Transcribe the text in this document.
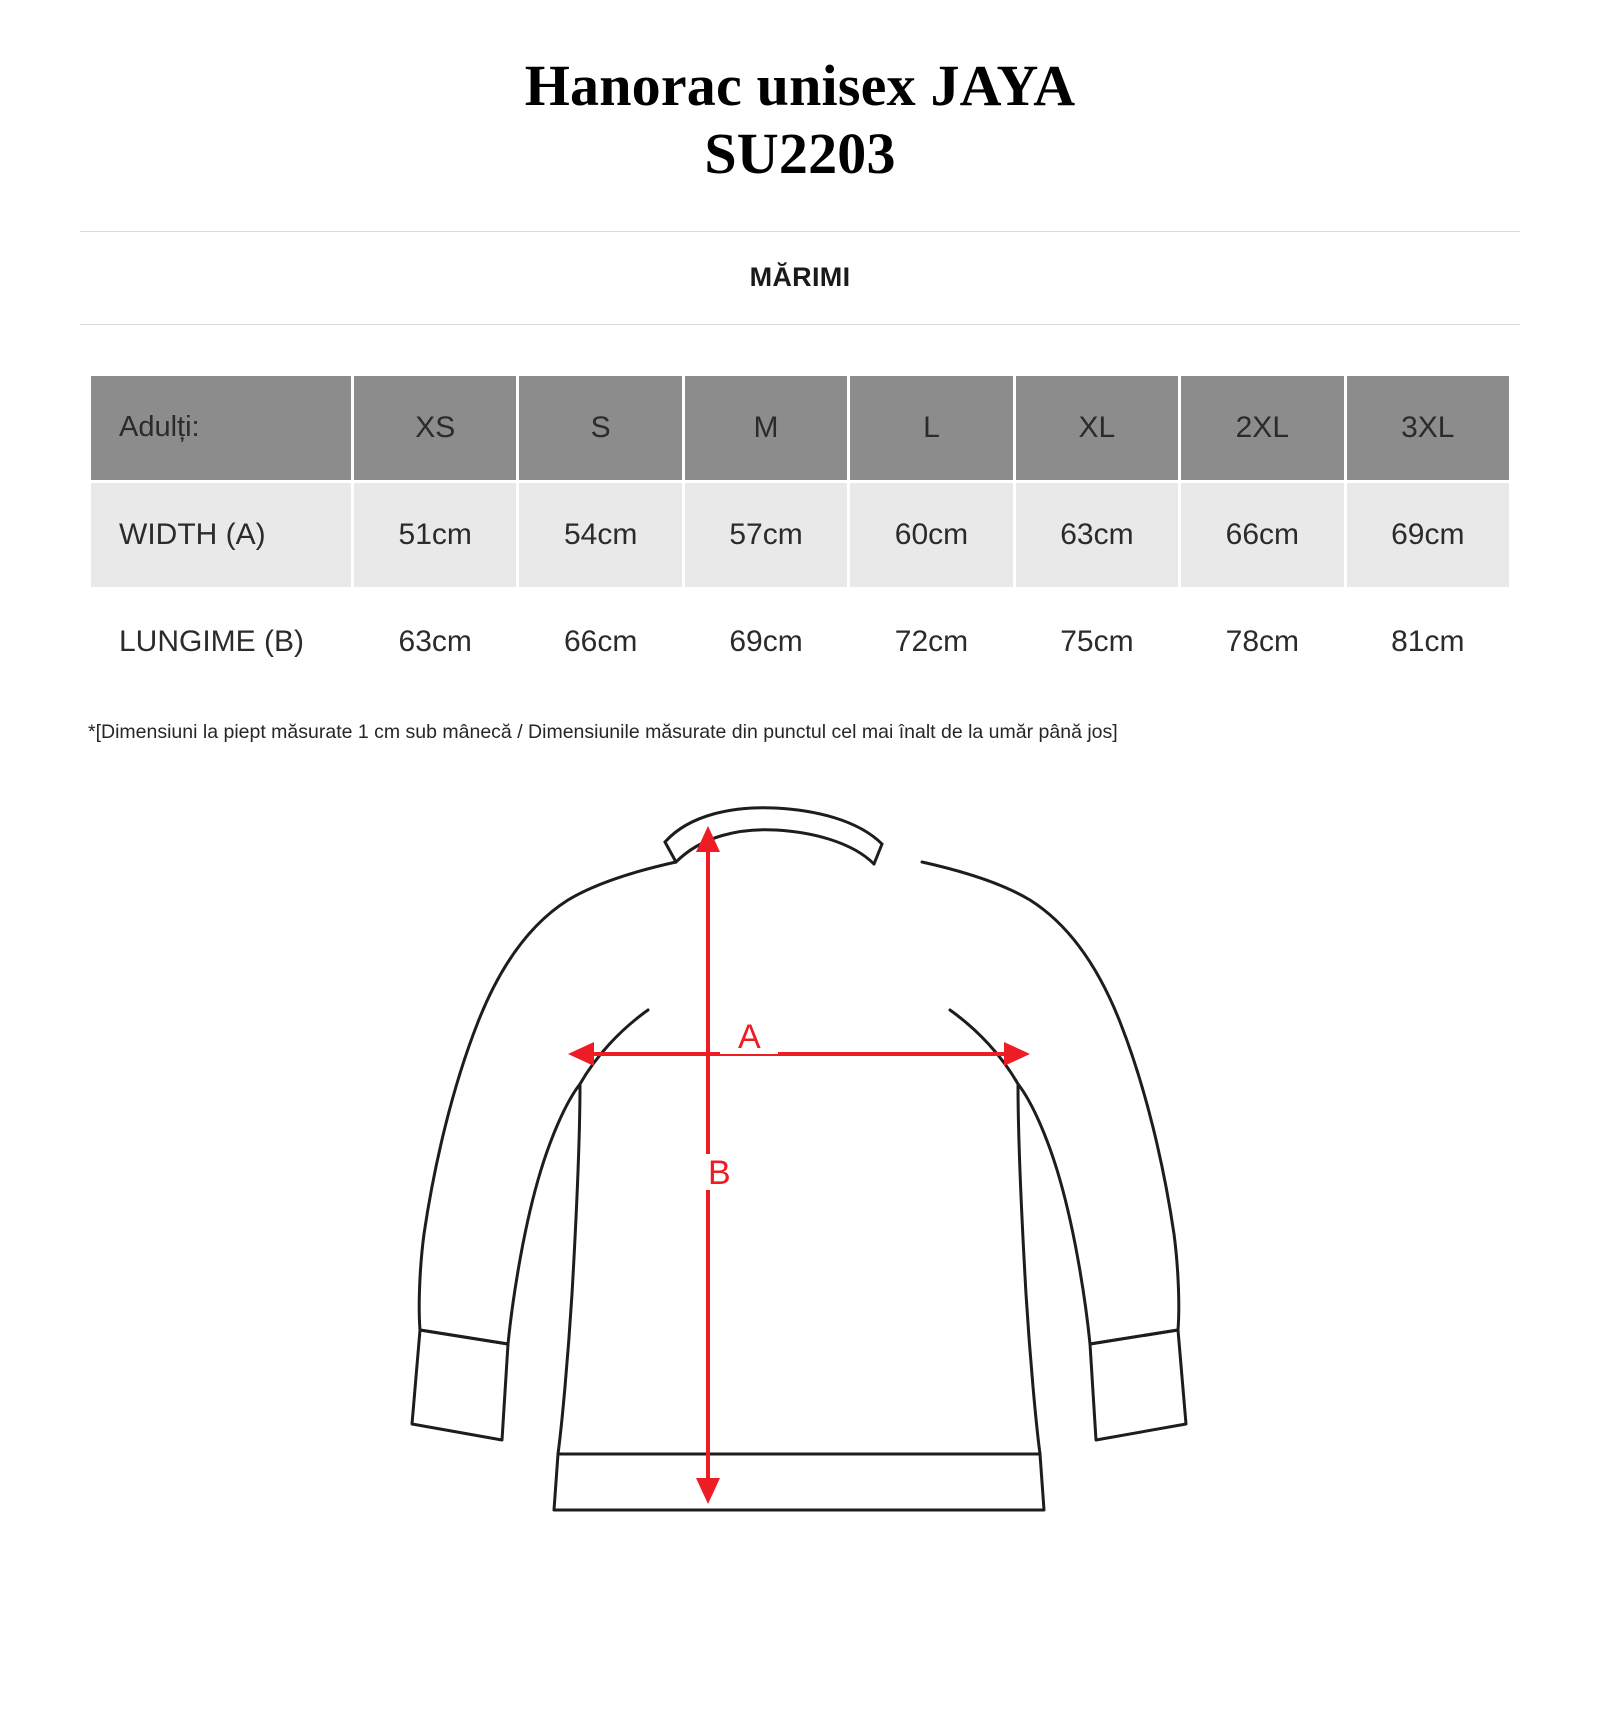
Hanorac unisex JAYA
SU2203
MĂRIMI
Adulți:	XS	S	M	L	XL	2XL	3XL
WIDTH (A)	51cm	54cm	57cm	60cm	63cm	66cm	69cm
LUNGIME (B)	63cm	66cm	69cm	72cm	75cm	78cm	81cm
*[Dimensiuni la piept măsurate 1 cm sub mânecă / Dimensiunile măsurate din punctul cel mai înalt de la umăr până jos]
A
B
